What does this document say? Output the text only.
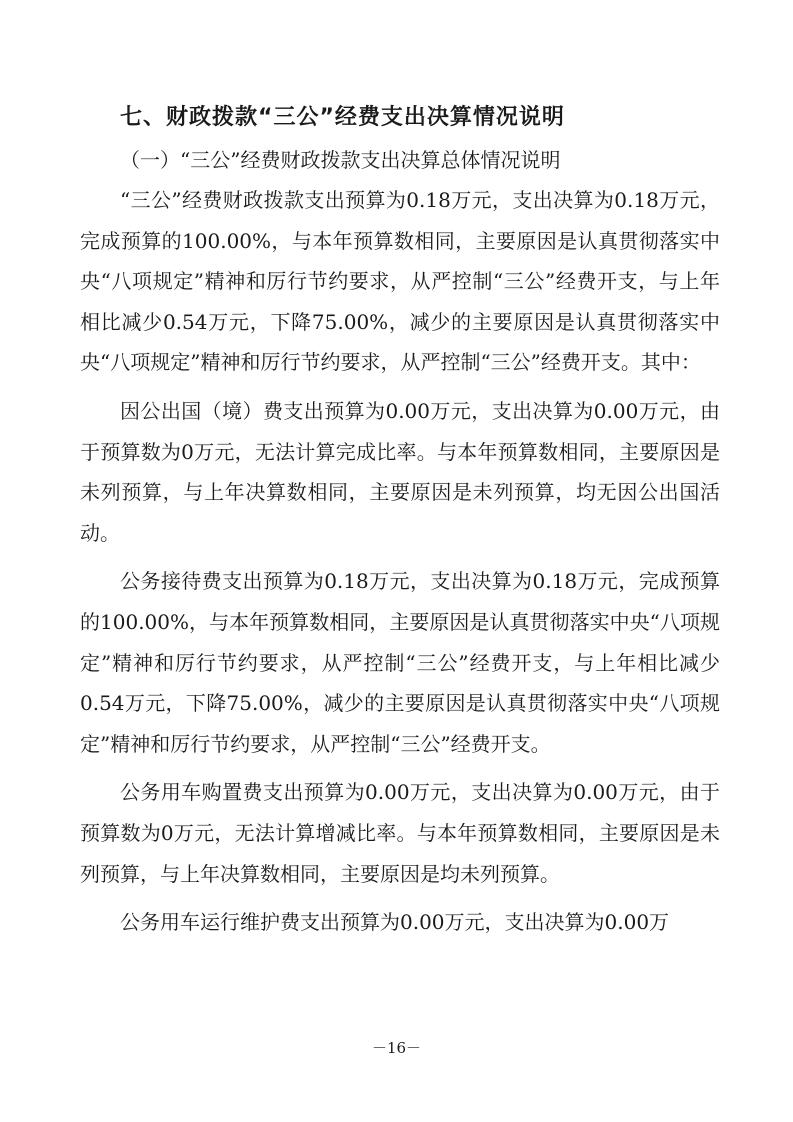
七、财政拨款“三公”经费支出决算情况说明

（一）“三公”经费财政拨款支出决算总体情况说明

“三公”经费财政拨款支出预算为0.18万元，支出决算为0.18万元，完成预算的100.00%，与本年预算数相同，主要原因是认真贯彻落实中央“八项规定”精神和厉行节约要求，从严控制“三公”经费开支，与上年相比减少0.54万元，下降75.00%，减少的主要原因是认真贯彻落实中央“八项规定”精神和厉行节约要求，从严控制“三公”经费开支。其中：

因公出国（境）费支出预算为0.00万元，支出决算为0.00万元，由于预算数为0万元，无法计算完成比率。与本年预算数相同，主要原因是未列预算，与上年决算数相同，主要原因是未列预算，均无因公出国活动。

公务接待费支出预算为0.18万元，支出决算为0.18万元，完成预算的100.00%，与本年预算数相同，主要原因是认真贯彻落实中央“八项规定”精神和厉行节约要求，从严控制“三公”经费开支，与上年相比减少0.54万元，下降75.00%，减少的主要原因是认真贯彻落实中央“八项规定”精神和厉行节约要求，从严控制“三公”经费开支。

公务用车购置费支出预算为0.00万元，支出决算为0.00万元，由于预算数为0万元，无法计算增减比率。与本年预算数相同，主要原因是未列预算，与上年决算数相同，主要原因是均未列预算。

公务用车运行维护费支出预算为0.00万元，支出决算为0.00万

－16－
